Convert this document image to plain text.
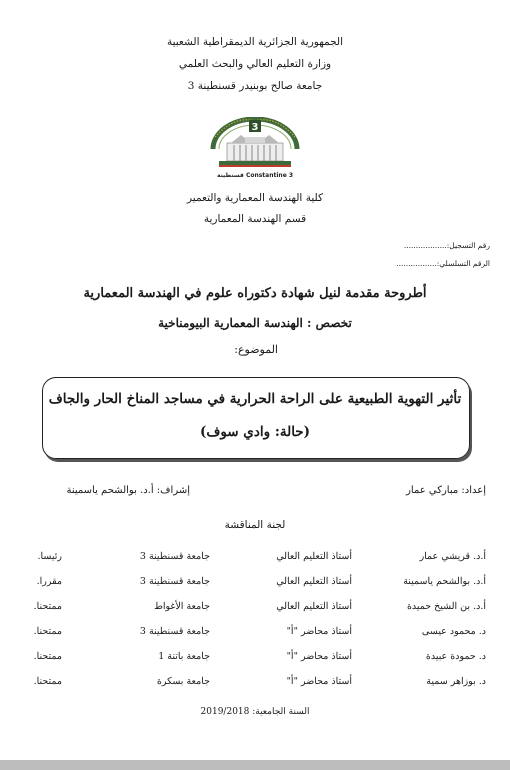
الجمهورية الجزائرية الديمقراطية الشعبية
وزارة التعليم العالي والبحث العلمي
جامعة صالح بوبنيدر قسنطينة 3
3
Constantine 3 قسنطينة
كلية الهندسة المعمارية والتعمير
قسم الهندسة المعمارية
رقم التسجيل:..................
الرقم التسلسلي:.................
أطروحة مقدمة لنيل شهادة دكتوراه علوم في الهندسة المعمارية
تخصص : الهندسة المعمارية البيومناخية
الموضوع:
تأثير التهوية الطبيعية على الراحة الحرارية في مساجد المناخ الحار والجاف
(حالة: وادي سوف)
إعداد: مباركي عمار
إشراف: أ.د. بوالشحم ياسمينة
لجنة المناقشة
أ.د. قريشي عمار
أستاذ التعليم العالي
جامعة قسنطينة 3
رئيسا.
أ.د. بوالشحم ياسمينة
أستاذ التعليم العالي
جامعة قسنطينة 3
مقررا.
أ.د. بن الشيخ حميدة
أستاذ التعليم العالي
جامعة الأغواط
ممتحنا.
د. محمود عيسى
أستاذ محاضر "أ"
جامعة قسنطينة 3
ممتحنا.
د. حمودة عبيدة
أستاذ محاضر "أ"
جامعة باتنة 1
ممتحنا.
د. بوزاهر سمية
أستاذ محاضر "أ"
جامعة بسكرة
ممتحنا.
السنة الجامعية: 2019/2018
